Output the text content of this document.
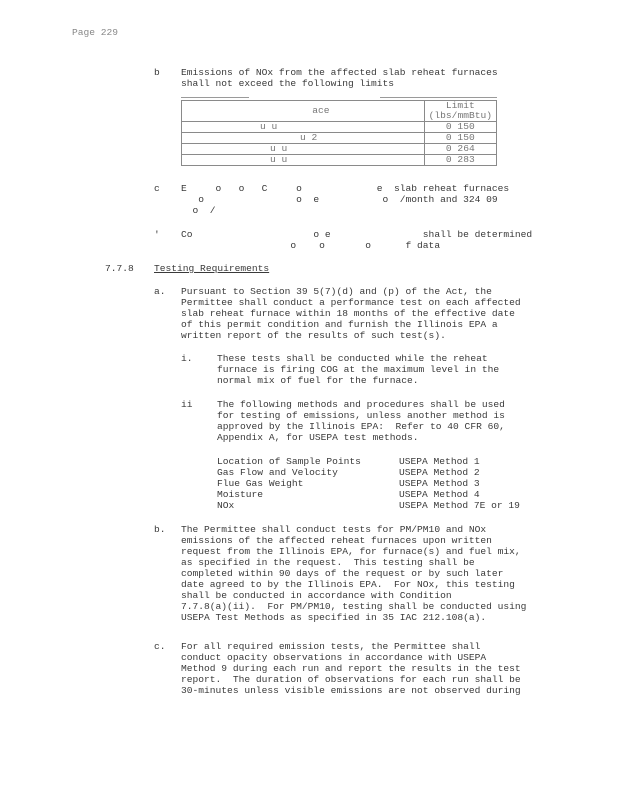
Page 229
b Emissions of NOx from the affected slab reheat furnaces
shall not exceed the following limits
ace	Limit
(lbs/mmBtu)
u u	0 150
u 2	0 150
u u	0 264
u u	0 283
c E     o   o   C     o             e  slab reheat furnaces
o                o  e           o  /month and 324 09
o  /
' Co                     o e                shall be determined
o    o       o      f data
7.7.8 Testing Requirements
a. Pursuant to Section 39 5(7)(d) and (p) of the Act, the
Permittee shall conduct a performance test on each affected
slab reheat furnace within 18 months of the effective date
of this permit condition and furnish the Illinois EPA a
written report of the results of such test(s).
i.	These tests shall be conducted while the reheat
furnace is firing COG at the maximum level in the
normal mix of fuel for the furnace.
ii	The following methods and procedures shall be used
for testing of emissions, unless another method is
approved by the Illinois EPA:  Refer to 40 CFR 60,
Appendix A, for USEPA test methods.
Location of Sample Points	USEPA Method 1
Gas Flow and Velocity	USEPA Method 2
Flue Gas Weight	USEPA Method 3
Moisture	USEPA Method 4
NOx	USEPA Method 7E or 19
b. The Permittee shall conduct tests for PM/PM10 and NOx
emissions of the affected reheat furnaces upon written
request from the Illinois EPA, for furnace(s) and fuel mix,
as specified in the request.  This testing shall be
completed within 90 days of the request or by such later
date agreed to by the Illinois EPA.  For NOx, this testing
shall be conducted in accordance with Condition
7.7.8(a)(ii).  For PM/PM10, testing shall be conducted using
USEPA Test Methods as specified in 35 IAC 212.108(a).
c. For all required emission tests, the Permittee shall
conduct opacity observations in accordance with USEPA
Method 9 during each run and report the results in the test
report.  The duration of observations for each run shall be
30-minutes unless visible emissions are not observed during
